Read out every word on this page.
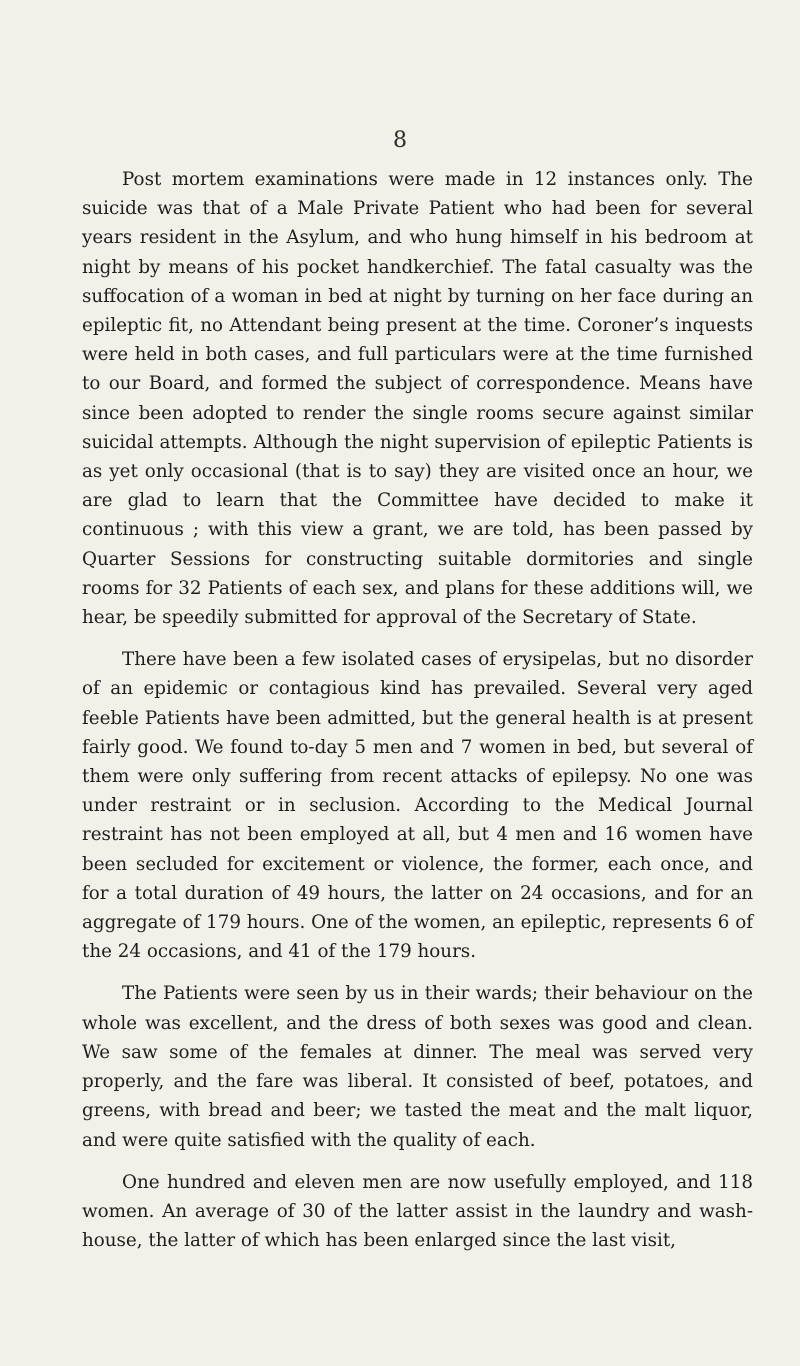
8

Post mortem examinations were made in 12 instances only. The suicide was that of a Male Private Patient who had been for several years resident in the Asylum, and who hung himself in his bedroom at night by means of his pocket handkerchief. The fatal casualty was the suffocation of a woman in bed at night by turning on her face during an epileptic fit, no Attendant being present at the time. Coroner’s inquests were held in both cases, and full particulars were at the time furnished to our Board, and formed the subject of correspondence. Means have since been adopted to render the single rooms secure against similar suicidal attempts. Although the night supervision of epileptic Patients is as yet only occasional (that is to say) they are visited once an hour, we are glad to learn that the Committee have decided to make it continuous ; with this view a grant, we are told, has been passed by Quarter Sessions for constructing suitable dormitories and single rooms for 32 Patients of each sex, and plans for these additions will, we hear, be speedily submitted for approval of the Secretary of State.

There have been a few isolated cases of erysipelas, but no disorder of an epidemic or contagious kind has prevailed. Several very aged feeble Patients have been admitted, but the general health is at present fairly good. We found to-day 5 men and 7 women in bed, but several of them were only suffering from recent attacks of epilepsy. No one was under restraint or in seclusion. According to the Medical Journal restraint has not been employed at all, but 4 men and 16 women have been secluded for excitement or violence, the former, each once, and for a total duration of 49 hours, the latter on 24 occasions, and for an aggregate of 179 hours. One of the women, an epileptic, represents 6 of the 24 occasions, and 41 of the 179 hours.

The Patients were seen by us in their wards; their behaviour on the whole was excellent, and the dress of both sexes was good and clean. We saw some of the females at dinner. The meal was served very properly, and the fare was liberal. It consisted of beef, potatoes, and greens, with bread and beer; we tasted the meat and the malt liquor, and were quite satisfied with the quality of each.

One hundred and eleven men are now usefully employed, and 118 women. An average of 30 of the latter assist in the laundry and wash-house, the latter of which has been enlarged since the last visit,
